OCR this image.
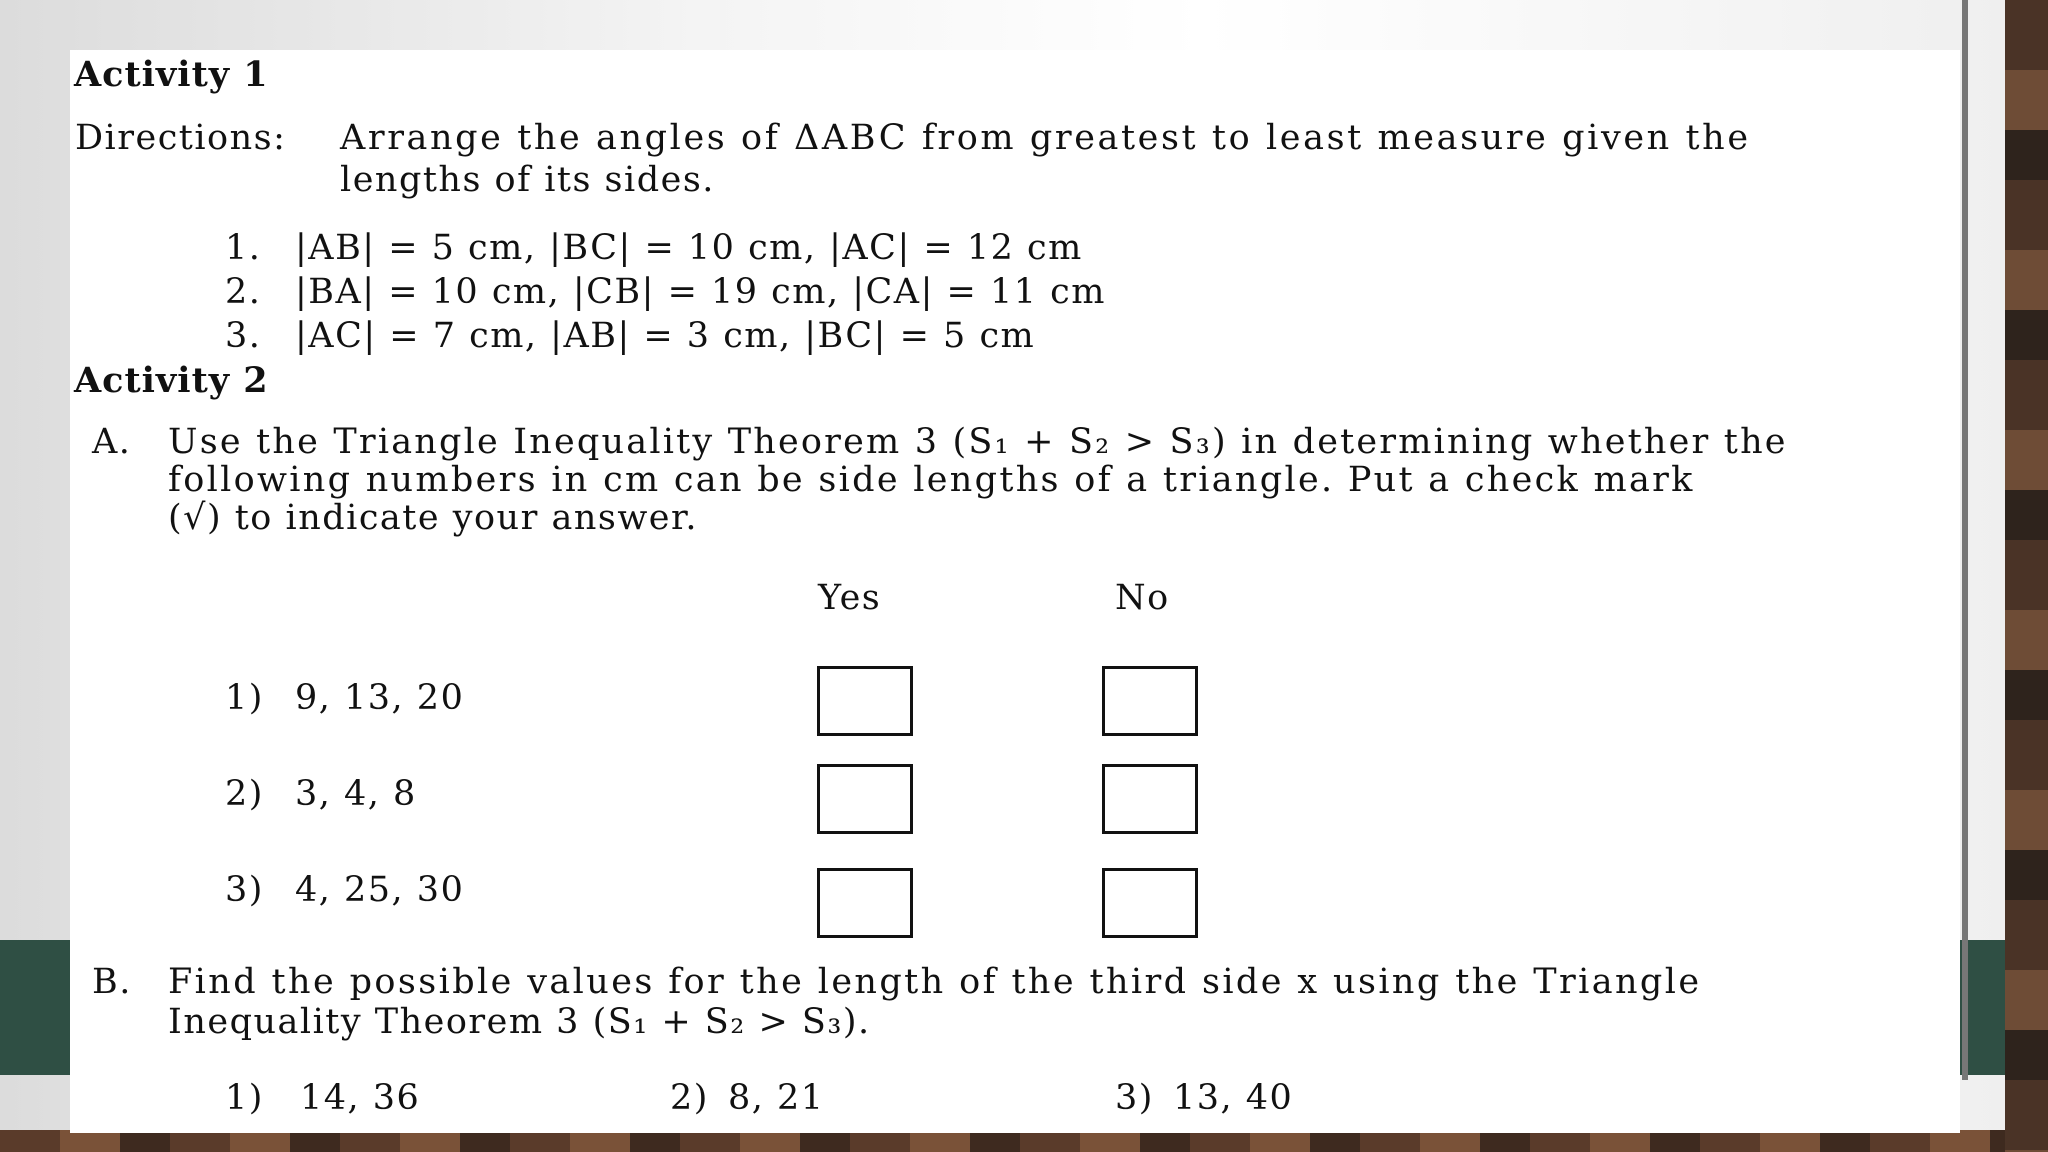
Activity 1
Directions: Arrange the angles of ΔABC from greatest to least measure given the
lengths of its sides.
1. |AB| = 5 cm, |BC| = 10 cm, |AC| = 12 cm
2. |BA| = 10 cm, |CB| = 19 cm, |CA| = 11 cm
3. |AC| = 7 cm, |AB| = 3 cm, |BC| = 5 cm
Activity 2
A. Use the Triangle Inequality Theorem 3 (S₁ + S₂ > S₃) in determining whether the
following numbers in cm can be side lengths of a triangle. Put a check mark
(√) to indicate your answer.
Yes	No
1) 9, 13, 20
2) 3, 4, 8
3) 4, 25, 30
B. Find the possible values for the length of the third side x using the Triangle
Inequality Theorem 3 (S₁ + S₂ > S₃).
1) 14, 36	2) 8, 21	3) 13, 40
